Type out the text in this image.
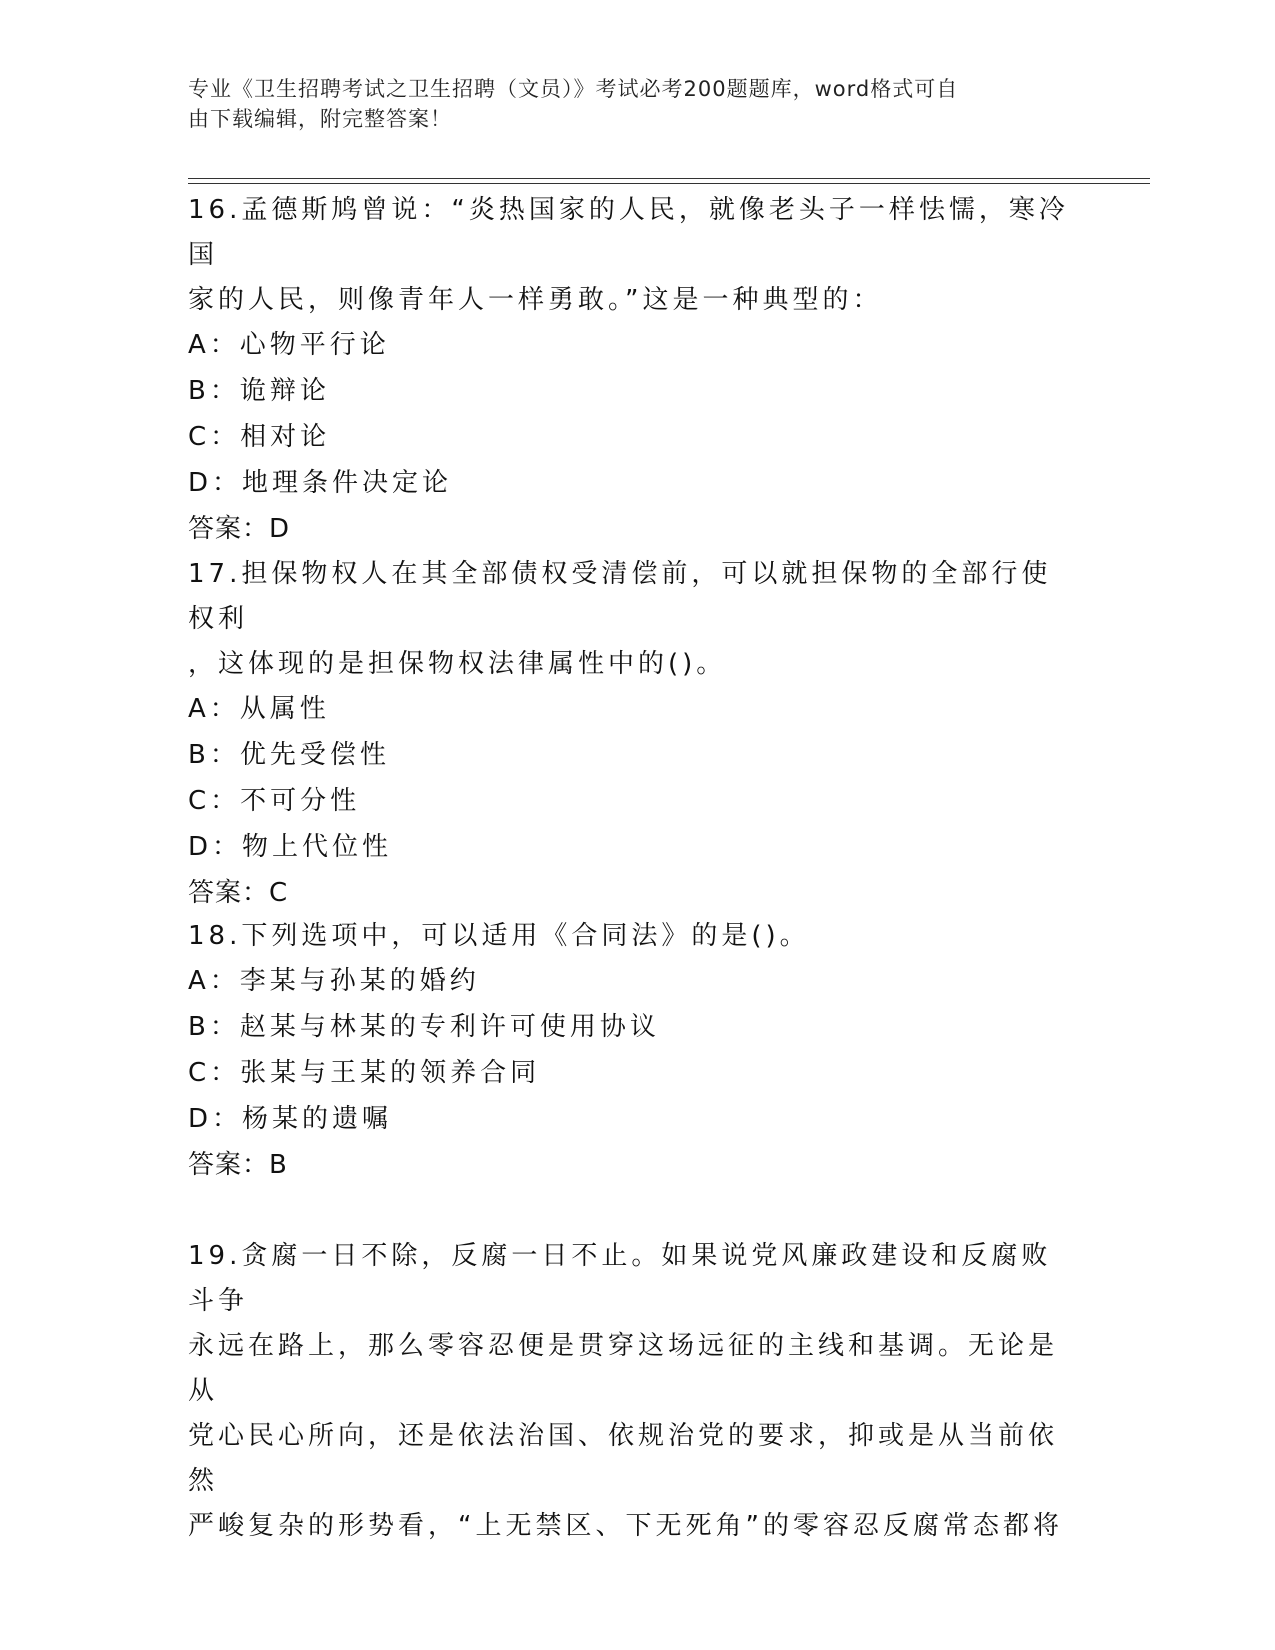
专业《卫生招聘考试之卫生招聘（文员）》考试必考200题题库，word格式可自
由下载编辑，附完整答案！
16.孟德斯鸠曾说：“炎热国家的人民，就像老头子一样怯懦，寒冷国
家的人民，则像青年人一样勇敢。”这是一种典型的：
A：心物平行论
B：诡辩论
C：相对论
D：地理条件决定论
答案：D
17.担保物权人在其全部债权受清偿前，可以就担保物的全部行使权利
，这体现的是担保物权法律属性中的()。
A：从属性
B：优先受偿性
C：不可分性
D：物上代位性
答案：C
18.下列选项中，可以适用《合同法》的是()。
A：李某与孙某的婚约
B：赵某与林某的专利许可使用协议
C：张某与王某的领养合同
D：杨某的遗嘱
答案：B
19.贪腐一日不除，反腐一日不止。如果说党风廉政建设和反腐败斗争
永远在路上，那么零容忍便是贯穿这场远征的主线和基调。无论是从
党心民心所向，还是依法治国、依规治党的要求，抑或是从当前依然
严峻复杂的形势看，“上无禁区、下无死角”的零容忍反腐常态都将
